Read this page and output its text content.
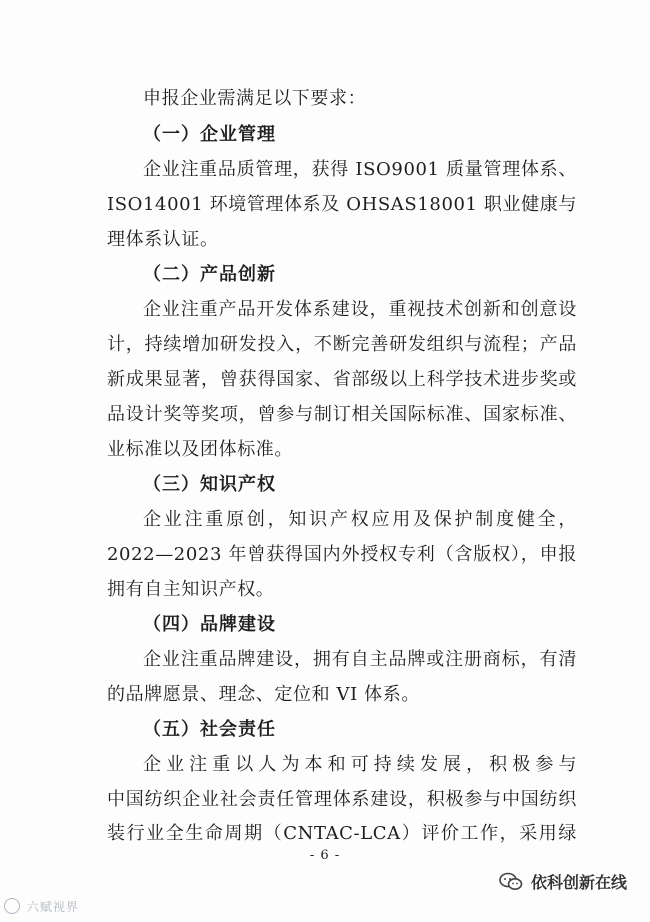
申报企业需满足以下要求：
（一）企业管理
企业注重品质管理，获得 ISO9001 质量管理体系、
ISO14001 环境管理体系及 OHSAS18001 职业健康与
理体系认证。
（二）产品创新
企业注重产品开发体系建设，重视技术创新和创意设
计，持续增加研发投入，不断完善研发组织与流程；产品
新成果显著，曾获得国家、省部级以上科学技术进步奖或
品设计奖等奖项，曾参与制订相关国际标准、国家标准、
业标准以及团体标准。
（三）知识产权
企业注重原创，知识产权应用及保护制度健全，
2022—2023 年曾获得国内外授权专利（含版权），申报
拥有自主知识产权。
（四）品牌建设
企业注重品牌建设，拥有自主品牌或注册商标，有清
的品牌愿景、理念、定位和 VI 体系。
（五）社会责任
企业注重以人为本和可持续发展，积极参与
中国纺织企业社会责任管理体系建设，积极参与中国纺织
装行业全生命周期（CNTAC-LCA）评价工作，采用绿
- 6 -
六赋视界
依科创新在线
